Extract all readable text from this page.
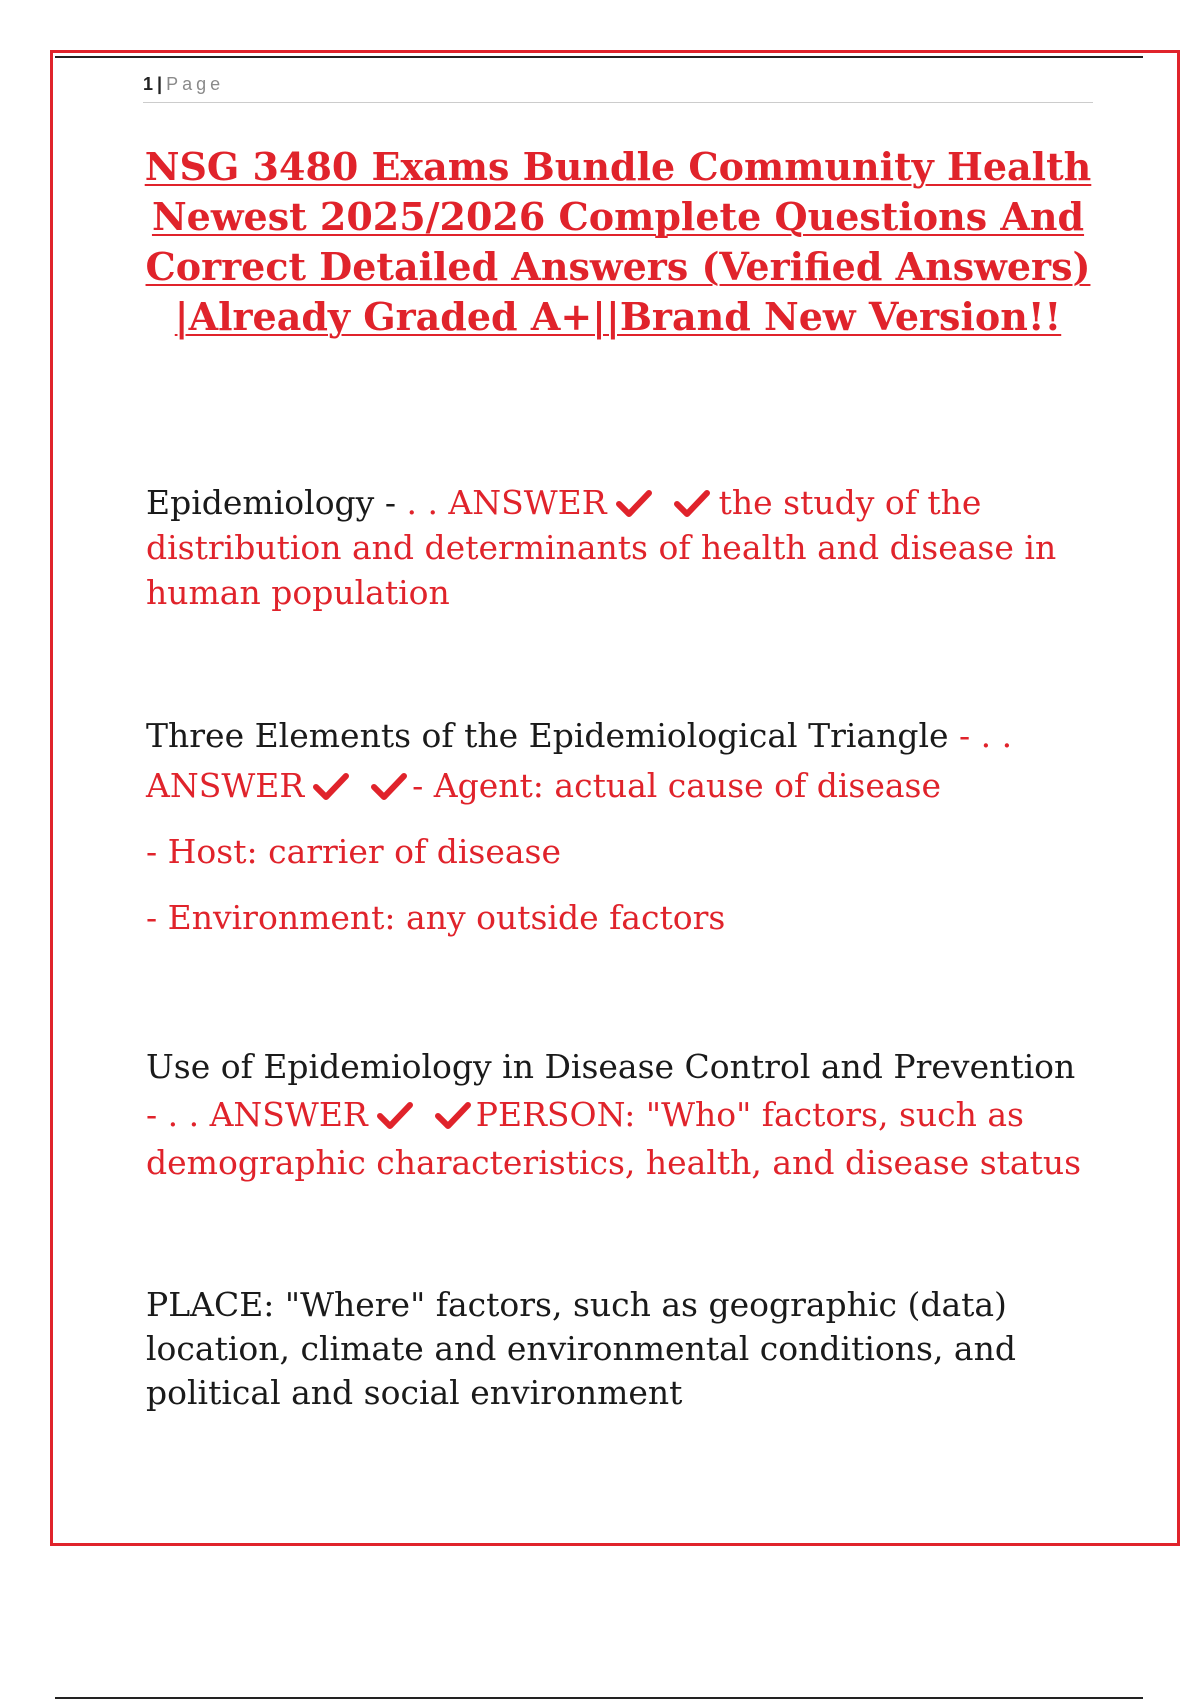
1 | Page
NSG 3480 Exams Bundle Community Health Newest 2025/2026 Complete Questions And Correct Detailed Answers (Verified Answers) |Already Graded A+||Brand New Version!!

Epidemiology - . . ANSWER	the study of the distribution and determinants of health and disease in human population

Three Elements of the Epidemiological Triangle - . . ANSWER	- Agent: actual cause of disease
- Host: carrier of disease
- Environment: any outside factors

Use of Epidemiology in Disease Control and Prevention - . . ANSWER	PERSON: "Who" factors, such as demographic characteristics, health, and disease status

PLACE: "Where" factors, such as geographic (data) location, climate and environmental conditions, and political and social environment
